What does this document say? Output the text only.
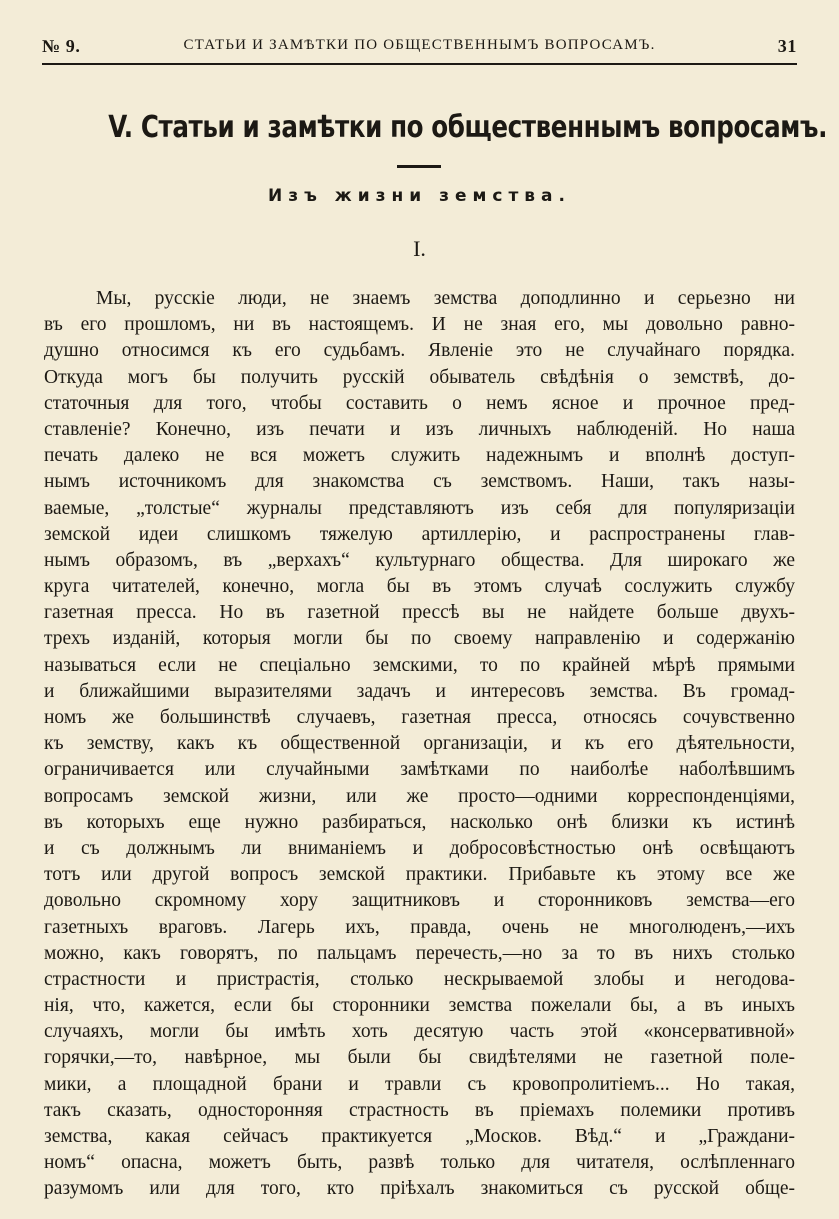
№ 9.	СТАТЬИ И ЗАМѢТКИ ПО ОБЩЕСТВЕННЫМЪ ВОПРОСАМЪ.	31
V. Статьи и замѣтки по общественнымъ вопросамъ.
Изъ жизни земства.
I.
Мы, русскіе люди, не знаемъ земства доподлинно и серьезно ни
въ его прошломъ, ни въ настоящемъ. И не зная его, мы довольно равно-
душно относимся къ его судьбамъ. Явленіе это не случайнаго порядка.
Откуда могъ бы получить русскій обыватель свѣдѣнія о земствѣ, до-
статочныя для того, чтобы составить о немъ ясное и прочное пред-
ставленіе? Конечно, изъ печати и изъ личныхъ наблюденій. Но наша
печать далеко не вся можетъ служить надежнымъ и вполнѣ доступ-
нымъ источникомъ для знакомства съ земствомъ. Наши, такъ назы-
ваемые, „толстые“ журналы представляютъ изъ себя для популяризаціи
земской идеи слишкомъ тяжелую артиллерію, и распространены глав-
нымъ образомъ, въ „верхахъ“ культурнаго общества. Для широкаго же
круга читателей, конечно, могла бы въ этомъ случаѣ сослужить службу
газетная пресса. Но въ газетной прессѣ вы не найдете больше двухъ-
трехъ изданій, которыя могли бы по своему направленію и содержанію
называться если не спеціально земскими, то по крайней мѣрѣ прямыми
и ближайшими выразителями задачъ и интересовъ земства. Въ громад-
номъ же большинствѣ случаевъ, газетная пресса, относясь сочувственно
къ земству, какъ къ общественной организаціи, и къ его дѣятельности,
ограничивается или случайными замѣтками по наиболѣе наболѣвшимъ
вопросамъ земской жизни, или же просто—одними корреспонденціями,
въ которыхъ еще нужно разбираться, насколько онѣ близки къ истинѣ
и съ должнымъ ли вниманіемъ и добросовѣстностью онѣ освѣщаютъ
тотъ или другой вопросъ земской практики. Прибавьте къ этому все же
довольно скромному хору защитниковъ и сторонниковъ земства—его
газетныхъ враговъ. Лагерь ихъ, правда, очень не многолюденъ,—ихъ
можно, какъ говорятъ, по пальцамъ перечесть,—но за то въ нихъ столько
страстности и пристрастія, столько нескрываемой злобы и негодова-
нія, что, кажется, если бы сторонники земства пожелали бы, а въ иныхъ
случаяхъ, могли бы имѣть хоть десятую часть этой «консервативной»
горячки,—то, навѣрное, мы были бы свидѣтелями не газетной поле-
мики, а площадной брани и травли съ кровопролитіемъ... Но такая,
такъ сказать, односторонняя страстность въ пріемахъ полемики противъ
земства, какая сейчасъ практикуется „Москов. Вѣд.“ и „Граждани-
номъ“ опасна, можетъ быть, развѣ только для читателя, ослѣпленнаго
разумомъ или для того, кто пріѣхалъ знакомиться съ русской обще-
